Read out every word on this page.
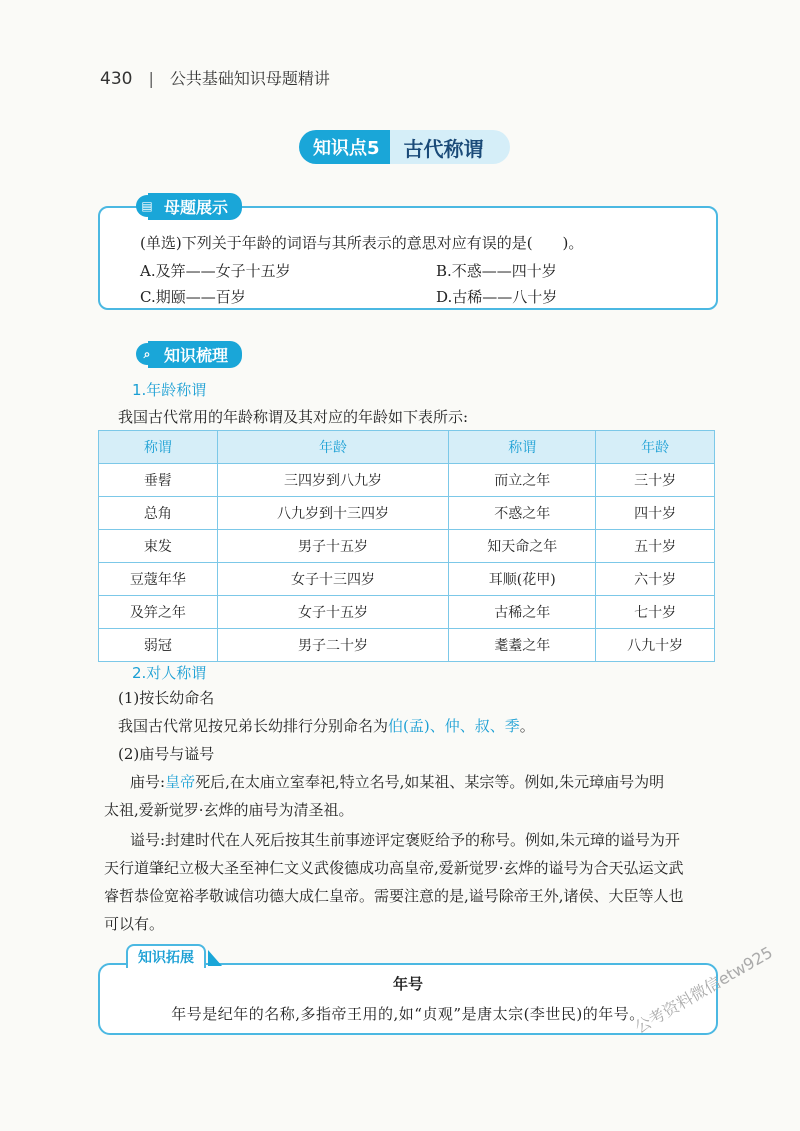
430 | 公共基础知识母题精讲
知识点5	古代称谓
(单选)下列关于年龄的词语与其所表示的意思对应有误的是(　　)。
A.及笄——女子十五岁	B.不惑——四十岁
C.期颐——百岁	D.古稀——八十岁
▤ 母题展示
⌕ 知识梳理
1.年龄称谓
我国古代常用的年龄称谓及其对应的年龄如下表所示:
称谓	年龄	称谓	年龄
垂髫	三四岁到八九岁	而立之年	三十岁
总角	八九岁到十三四岁	不惑之年	四十岁
束发	男子十五岁	知天命之年	五十岁
豆蔻年华	女子十三四岁	耳顺(花甲)	六十岁
及笄之年	女子十五岁	古稀之年	七十岁
弱冠	男子二十岁	耄耋之年	八九十岁
2.对人称谓
(1)按长幼命名
我国古代常见按兄弟长幼排行分别命名为伯(孟)、仲、叔、季。
(2)庙号与谥号
庙号:皇帝死后,在太庙立室奉祀,特立名号,如某祖、某宗等。例如,朱元璋庙号为明
太祖,爱新觉罗·玄烨的庙号为清圣祖。
谥号:封建时代在人死后按其生前事迹评定褒贬给予的称号。例如,朱元璋的谥号为开
天行道肇纪立极大圣至神仁文义武俊德成功高皇帝,爱新觉罗·玄烨的谥号为合天弘运文武
睿哲恭俭宽裕孝敬诚信功德大成仁皇帝。需要注意的是,谥号除帝王外,诸侯、大臣等人也
可以有。
年号
年号是纪年的名称,多指帝王用的,如“贞观”是唐太宗(李世民)的年号。
知识拓展	公考资料微信etw925
